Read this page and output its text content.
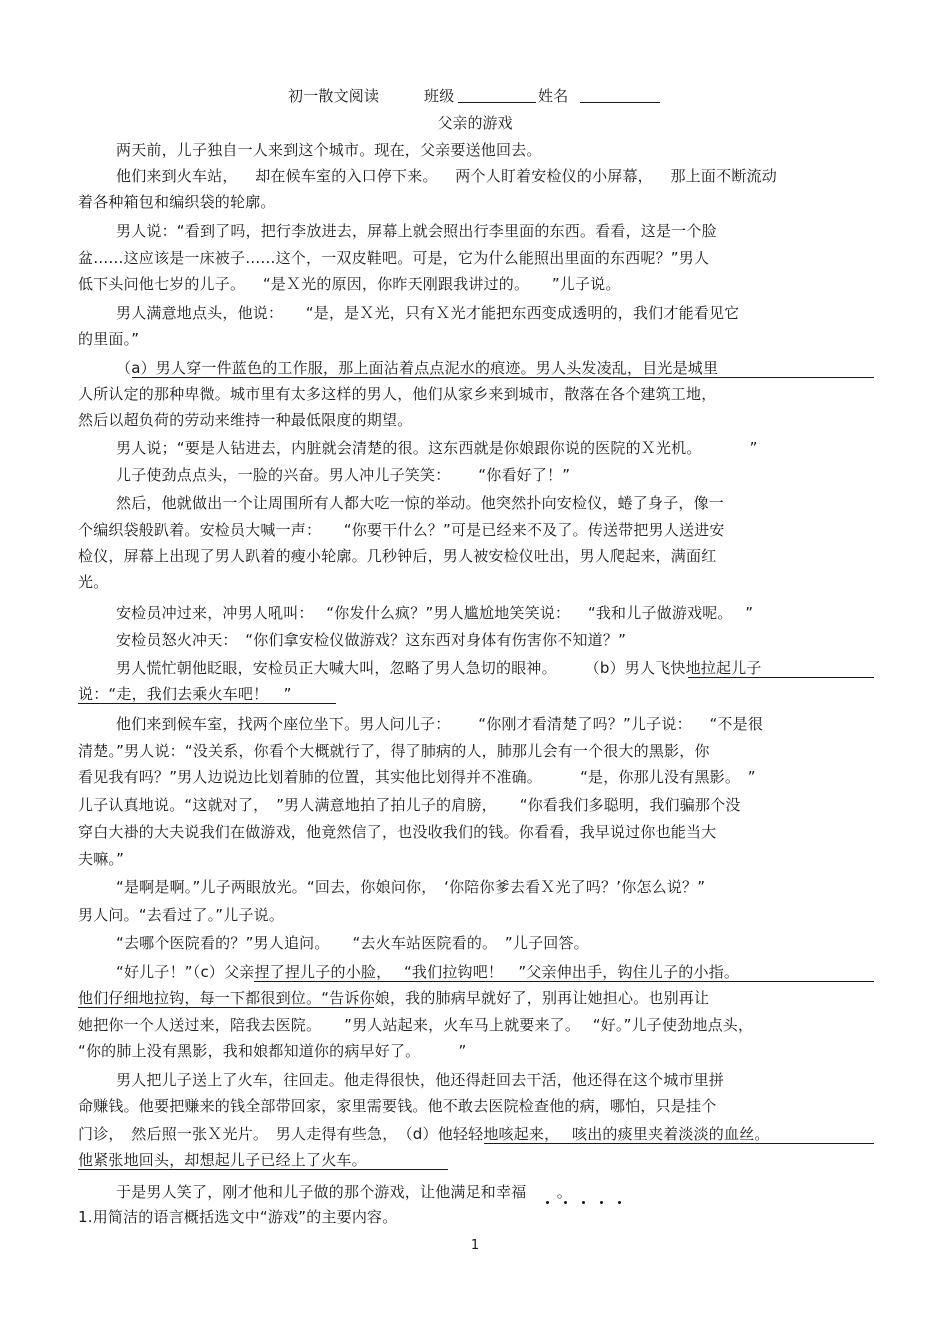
初一散文阅读	班级	姓名
父亲的游戏
两天前，儿子独自一人来到这个城市。现在，父亲要送他回去。
他们来到火车站，　  却在候车室的入口停下来。　  两个人盯着安检仪的小屏幕，　  那上面不断流动
着各种箱包和编织袋的轮廓。
男人说：“看到了吗，把行李放进去，屏幕上就会照出行李里面的东西。看看，这是一个脸
盆……这应该是一床被子……这个，一双皮鞋吧。可是，它为什么能照出里面的东西呢？”男人
低下头问他七岁的儿子。　  “是Ｘ光的原因，你昨天刚跟我讲过的。　   ”儿子说。
男人满意地点头，他说：　   “是，是Ｘ光，只有Ｘ光才能把东西变成透明的，我们才能看见它
的里面。”
（a）男人穿一件蓝色的工作服，那上面沾着点点泥水的痕迹。男人头发凌乱，目光是城里
人所认定的那种卑微。城市里有太多这样的男人，他们从家乡来到城市，散落在各个建筑工地，
然后以超负荷的劳动来维持一种最低限度的期望。
男人说；“要是人钻进去，内脏就会清楚的很。这东西就是你娘跟你说的医院的Ｘ光机。　　　  ”
儿子使劲点点头，一脸的兴奋。男人冲儿子笑笑：　　 “你看好了！”
然后，他就做出一个让周围所有人都大吃一惊的举动。他突然扑向安检仪，蜷了身子，像一
个编织袋般趴着。安检员大喊一声：　   “你要干什么？”可是已经来不及了。传送带把男人送进安
检仪，屏幕上出现了男人趴着的瘦小轮廓。几秒钟后，男人被安检仪吐出，男人爬起来，满面红
光。
安检员冲过来，冲男人吼叫：　 “你发什么疯？”男人尴尬地笑笑说：　  “我和儿子做游戏呢。　 ”
安检员怒火冲天：　“你们拿安检仪做游戏？这东西对身体有伤害你不知道？”
男人慌忙朝他眨眼，安检员正大喊大叫，忽略了男人急切的眼神。　　 （b）男人飞快地拉起儿子
说：“走，我们去乘火车吧！　”
他们来到候车室，找两个座位坐下。男人问儿子：　　 “你刚才看清楚了吗？”儿子说：　  “不是很
清楚。”男人说：“没关系，你看个大概就行了，得了肺病的人，肺那儿会有一个很大的黑影，你
看见我有吗？”男人边说边比划着肺的位置，其实他比划得并不准确。　　　“是，你那儿没有黑影。　”
儿子认真地说。“这就对了，　”男人满意地拍了拍儿子的肩膀，　　“你看我们多聪明，我们骗那个没
穿白大褂的大夫说我们在做游戏，他竟然信了，也没收我们的钱。你看看，我早说过你也能当大
夫嘛。”
“是啊是啊。”儿子两眼放光。“回去，你娘问你，　‘你陪你爹去看Ｘ光了吗？’你怎么说？”
男人问。“去看过了。”儿子说。
“去哪个医院看的？”男人追问。　　“去火车站医院看的。　”儿子回答。
“好儿子！”（c）父亲捏了捏儿子的小脸，　 “我们拉钩吧！　”父亲伸出手，钩住儿子的小指。
他们仔细地拉钩，每一下都很到位。“告诉你娘，我的肺病早就好了，别再让她担心。也别再让
她把你一个人送过来，陪我去医院。　　”男人站起来，火车马上就要来了。　 “好。”儿子使劲地点头，
“你的肺上没有黑影，我和娘都知道你的病早好了。　　　”
男人把儿子送上了火车，往回走。他走得很快，他还得赶回去干活，他还得在这个城市里拼
命赚钱。他要把赚来的钱全部带回家，家里需要钱。他不敢去医院检查他的病，哪怕，只是挂个
门诊，　然后照一张Ｘ光片。　男人走得有些急，　（d）他轻轻地咳起来，　 咳出的痰里夹着淡淡的血丝。
他紧张地回头，却想起儿子已经上了火车。
于是男人笑了，刚才他和儿子做的那个游戏，让他满足和幸福　　。
1.用简洁的语言概括选文中“游戏”的主要内容。
1
